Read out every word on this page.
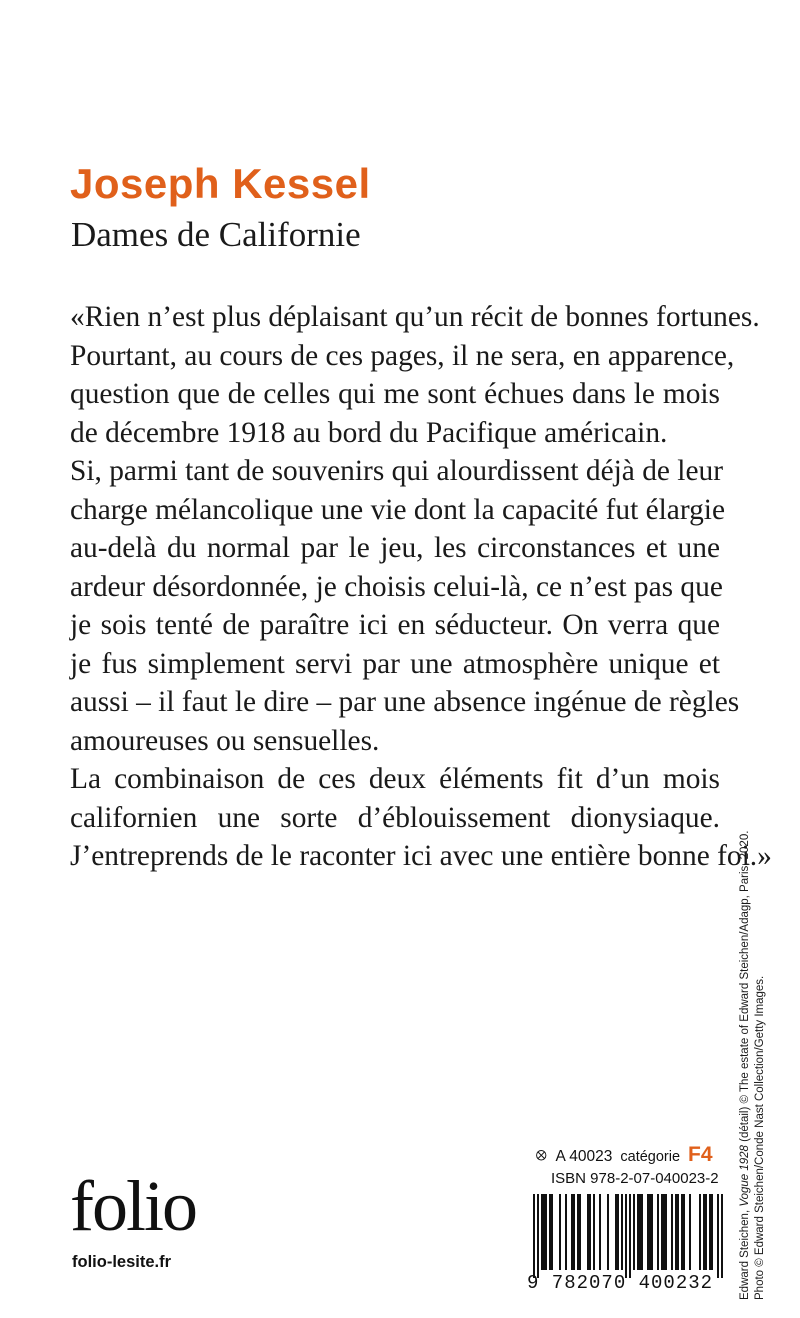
Joseph Kessel
Dames de Californie
«Rien n’est plus déplaisant qu’un récit de bonnes fortunes.
Pourtant, au cours de ces pages, il ne sera, en apparence,
question que de celles qui me sont échues dans le mois
de décembre 1918 au bord du Pacifique américain.
Si, parmi tant de souvenirs qui alourdissent déjà de leur
charge mélancolique une vie dont la capacité fut élargie
au-delà du normal par le jeu, les circonstances et une
ardeur désordonnée, je choisis celui-là, ce n’est pas que
je sois tenté de paraître ici en séducteur. On verra que
je fus simplement servi par une atmosphère unique et
aussi – il faut le dire – par une absence ingénue de règles
amoureuses ou sensuelles.
La combinaison de ces deux éléments fit d’un mois
californien une sorte d’éblouissement dionysiaque.
J’entreprends de le raconter ici avec une entière bonne foi.»
Edward Steichen, Vogue 1928 (détail) © The estate of Edward Steichen/Adagp, Paris, 2020. Photo © Edward Steichen/Conde Nast Collection/Getty Images.
folio
folio-lesite.fr
ꕕ A 40023 catégorie F4
ISBN 978-2-07-040023-2
9 782070 400232
